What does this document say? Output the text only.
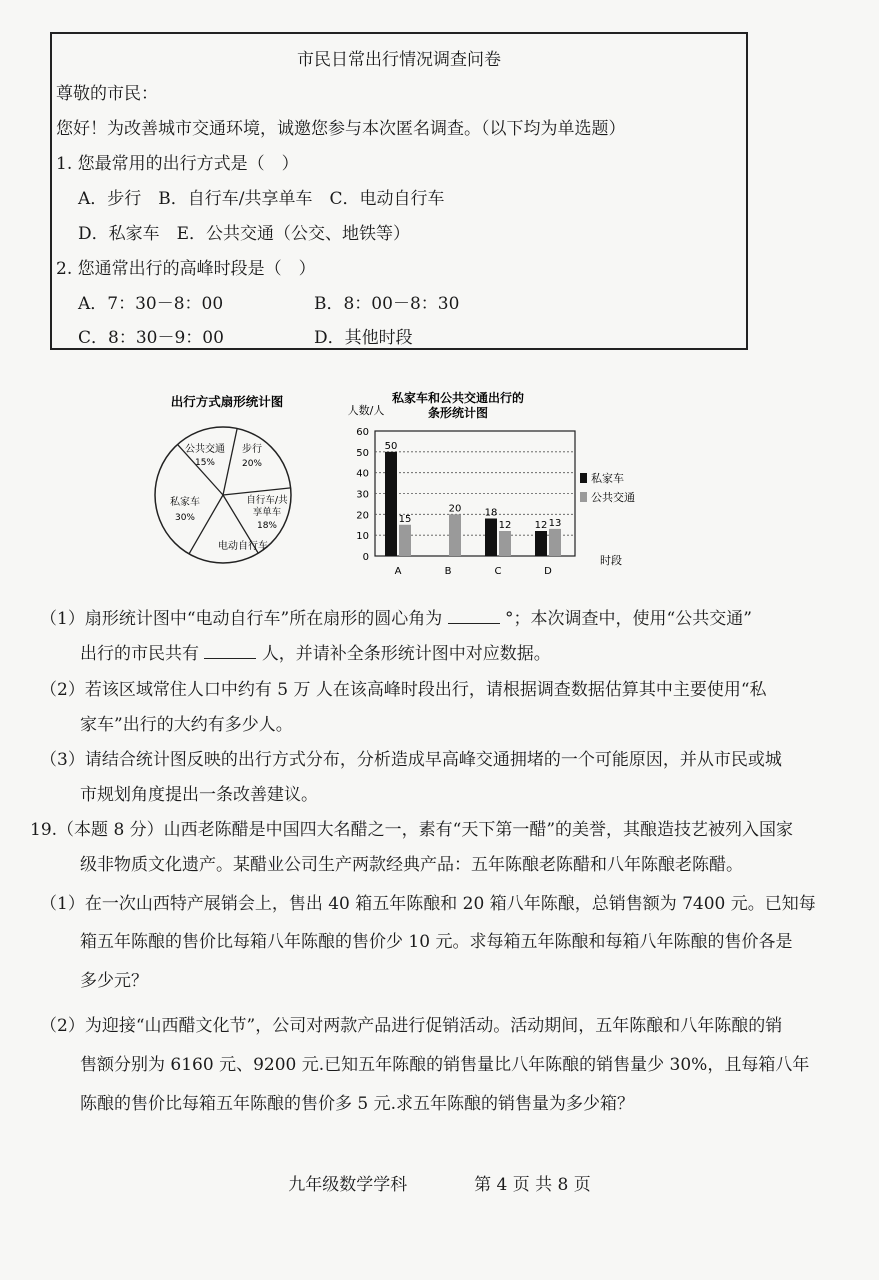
市民日常出行情况调查问卷
尊敬的市民：
您好！为改善城市交通环境，诚邀您参与本次匿名调查。（以下均为单选题）
1. 您最常用的出行方式是（　）
A．步行　B．自行车/共享单车　C．电动自行车
D．私家车　E．公共交通（公交、地铁等）
2. 您通常出行的高峰时段是（　）
A．7：30－8：00	B．8：00－8：30
C．8：30－9：00	D．其他时段
出行方式扇形统计图
公共交通
15%
步行
20%
自行车/共
享单车
18%
电动自行车
私家车
30%
私家车和公共交通出行的
条形统计图
人数/人
时段
私家车
公共交通
0
10
20
30
40
50
60
A
50
15
B
20
C
18
12
D
12 13
（1）扇形统计图中“电动自行车”所在扇形的圆心角为	°；本次调查中，使用“公共交通”
出行的市民共有	人，并请补全条形统计图中对应数据。
（2）若该区域常住人口中约有 5 万 人在该高峰时段出行，请根据调查数据估算其中主要使用“私
家车”出行的大约有多少人。
（3）请结合统计图反映的出行方式分布，分析造成早高峰交通拥堵的一个可能原因，并从市民或城
市规划角度提出一条改善建议。
19.（本题 8 分）山西老陈醋是中国四大名醋之一，素有“天下第一醋”的美誉，其酿造技艺被列入国家
级非物质文化遗产。某醋业公司生产两款经典产品：五年陈酿老陈醋和八年陈酿老陈醋。
（1）在一次山西特产展销会上，售出 40 箱五年陈酿和 20 箱八年陈酿，总销售额为 7400 元。已知每
箱五年陈酿的售价比每箱八年陈酿的售价少 10 元。求每箱五年陈酿和每箱八年陈酿的售价各是
多少元？
（2）为迎接“山西醋文化节”，公司对两款产品进行促销活动。活动期间，五年陈酿和八年陈酿的销
售额分别为 6160 元、9200 元.已知五年陈酿的销售量比八年陈酿的销售量少 30%，且每箱八年
陈酿的售价比每箱五年陈酿的售价多 5 元.求五年陈酿的销售量为多少箱？
九年级数学学科	第 4 页 共 8 页
